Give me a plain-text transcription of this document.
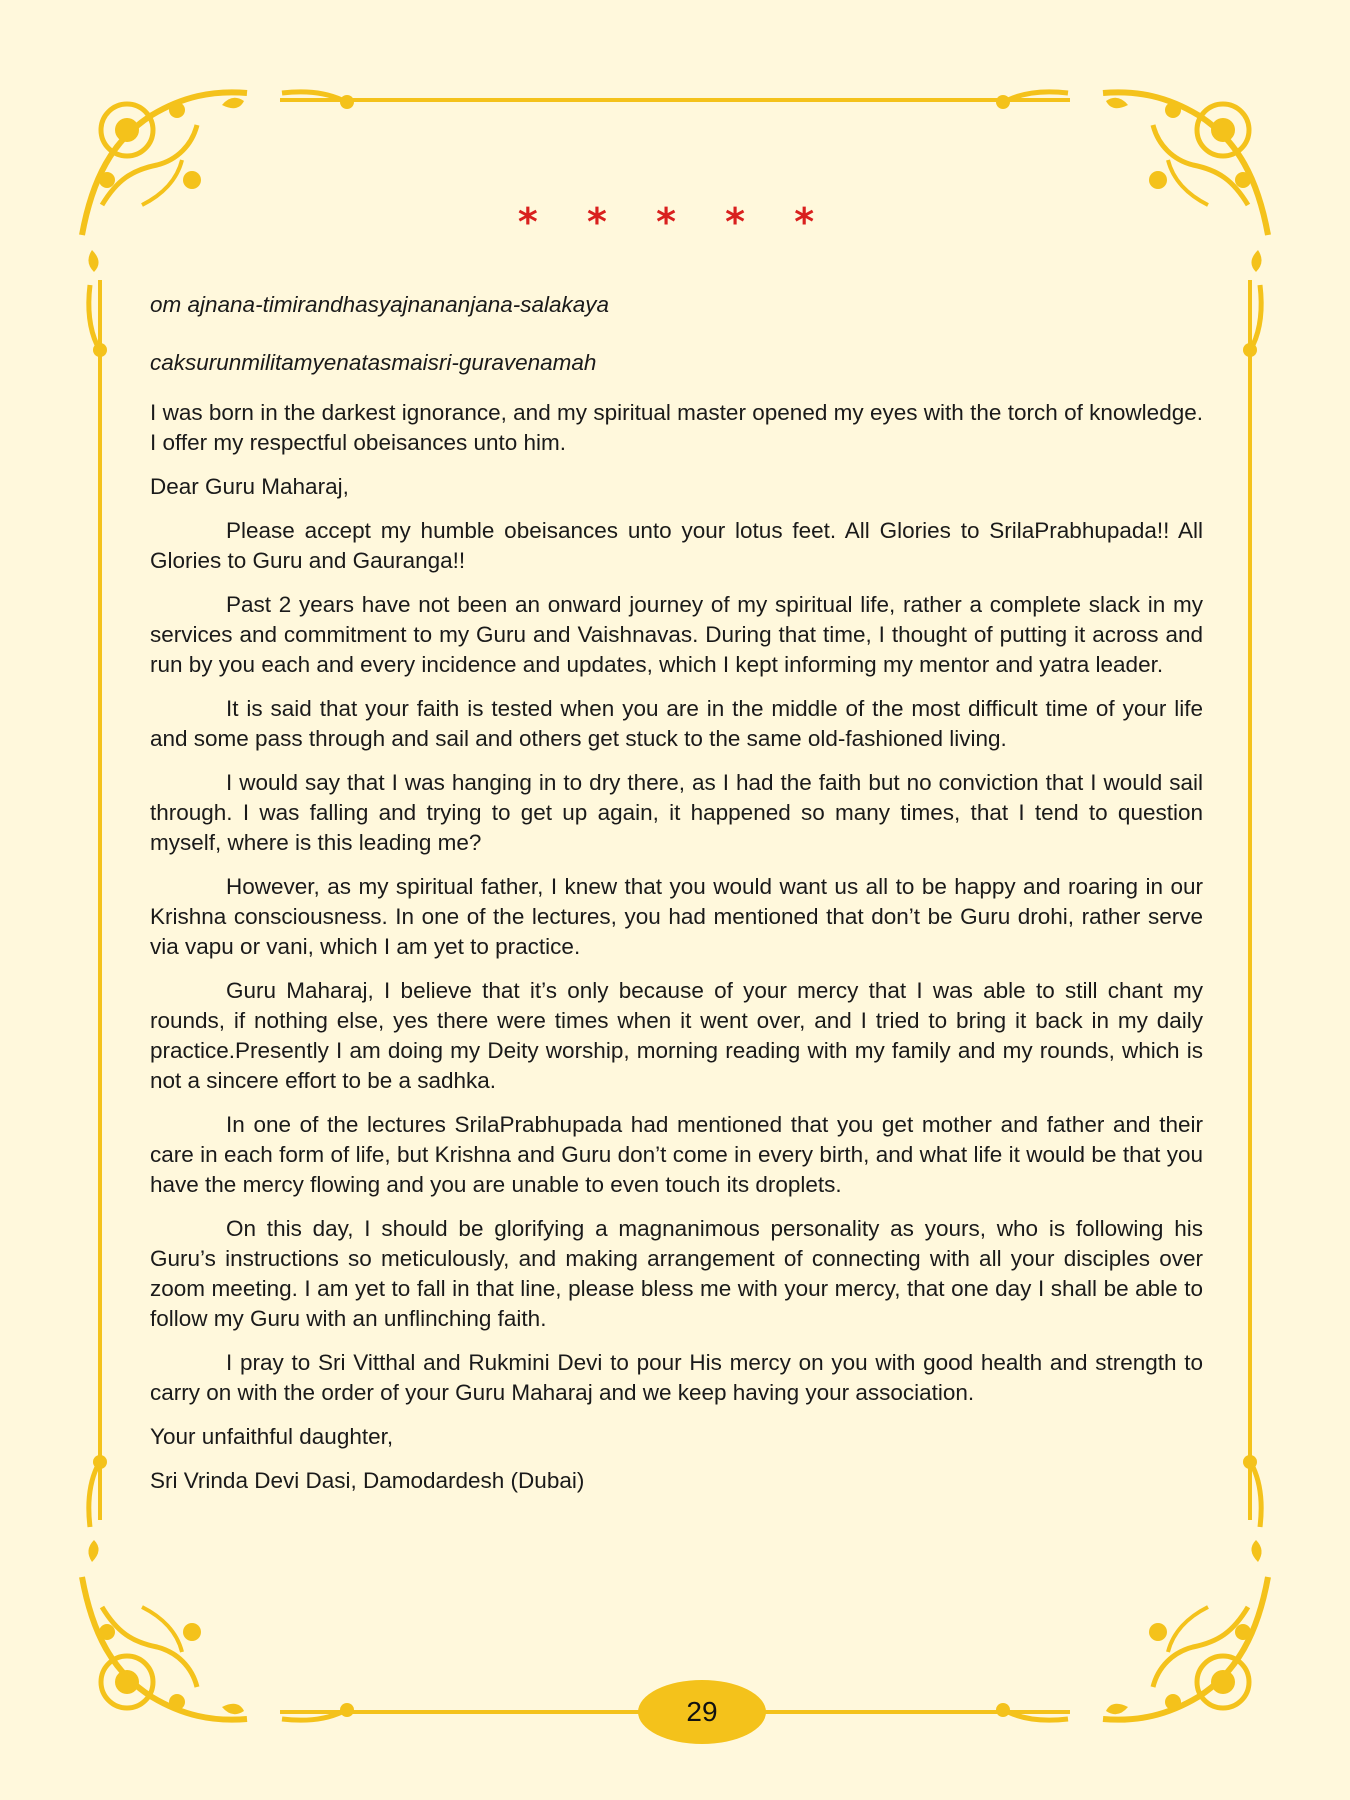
* * * * *
om ajnana-timirandhasyajnananjana-salakaya
caksurunmilitamyenatasmaisri-guravenamah
I was born in the darkest ignorance, and my spiritual master opened my eyes with the torch of knowledge. I offer my respectful obeisances unto him.
Dear Guru Maharaj,
Please accept my humble obeisances unto your lotus feet. All Glories to SrilaPrabhupada!! All Glories to Guru and Gauranga!!
Past 2 years have not been an onward journey of my spiritual life, rather a complete slack in my services and commitment to my Guru and Vaishnavas. During that time, I thought of putting it across and run by you each and every incidence and updates, which I kept informing my mentor and yatra leader.
It is said that your faith is tested when you are in the middle of the most difficult time of your life and some pass through and sail and others get stuck to the same old-fashioned living.
I would say that I was hanging in to dry there, as I had the faith but no conviction that I would sail through. I was falling and trying to get up again, it happened so many times, that I tend to question myself, where is this leading me?
However, as my spiritual father, I knew that you would want us all to be happy and roaring in our Krishna consciousness. In one of the lectures, you had mentioned that don’t be Guru drohi, rather serve via vapu or vani, which I am yet to practice.
Guru Maharaj, I believe that it’s only because of your mercy that I was able to still chant my rounds, if nothing else, yes there were times when it went over, and I tried to bring it back in my daily practice.Presently I am doing my Deity worship, morning reading with my family and my rounds, which is not a sincere effort to be a sadhka.
In one of the lectures SrilaPrabhupada had mentioned that you get mother and father and their care in each form of life, but Krishna and Guru don’t come in every birth, and what life it would be that you have the mercy flowing and you are unable to even touch its droplets.
On this day, I should be glorifying a magnanimous personality as yours, who is following his Guru’s instructions so meticulously, and making arrangement of connecting with all your disciples over zoom meeting. I am yet to fall in that line, please bless me with your mercy, that one day I shall be able to follow my Guru with an unflinching faith.
I pray to Sri Vitthal and Rukmini Devi to pour His mercy on you with good health and strength to carry on with the order of your Guru Maharaj and we keep having your association.
Your unfaithful daughter,
Sri Vrinda Devi Dasi, Damodardesh (Dubai)
29
